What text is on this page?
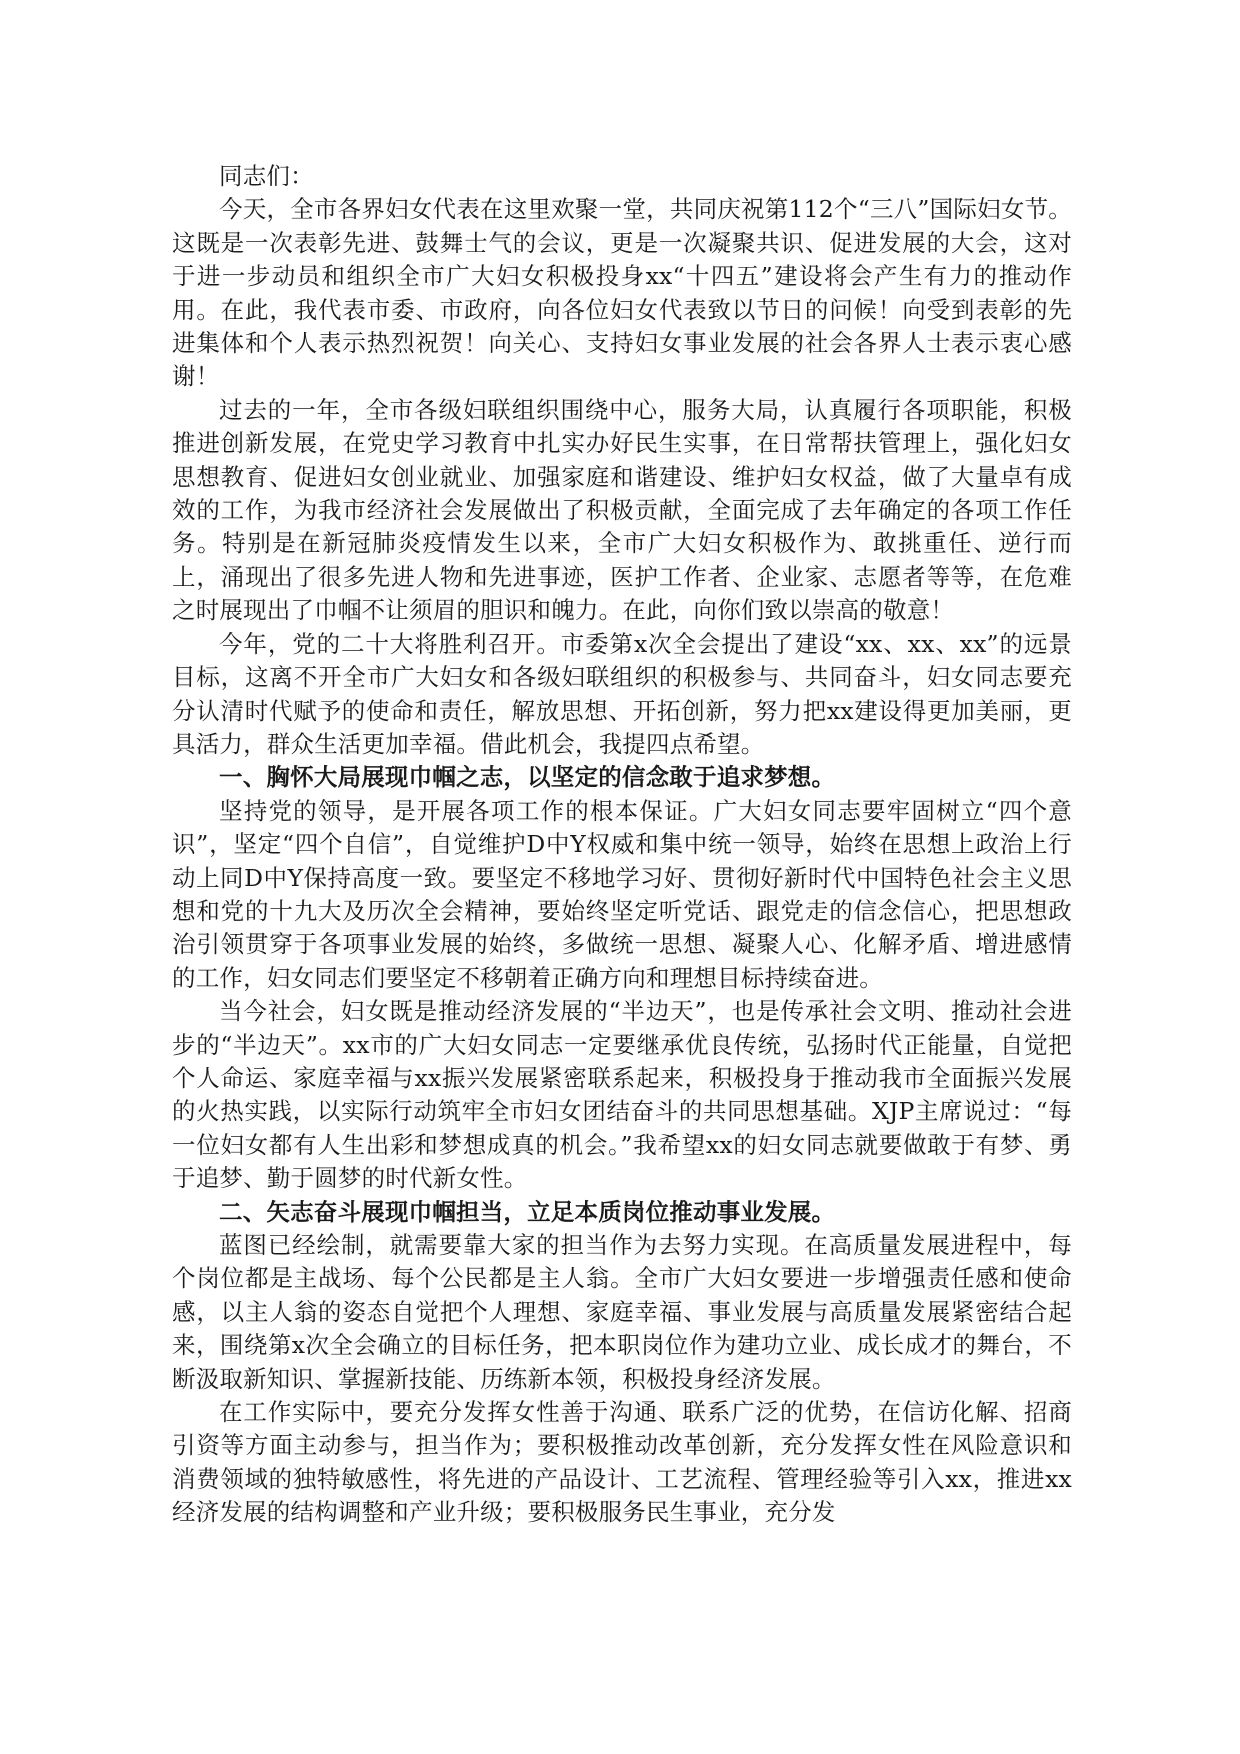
同志们：

今天，全市各界妇女代表在这里欢聚一堂，共同庆祝第112个“三八”国际妇女节。这既是一次表彰先进、鼓舞士气的会议，更是一次凝聚共识、促进发展的大会，这对于进一步动员和组织全市广大妇女积极投身xx“十四五”建设将会产生有力的推动作用。在此，我代表市委、市政府，向各位妇女代表致以节日的问候！向受到表彰的先进集体和个人表示热烈祝贺！向关心、支持妇女事业发展的社会各界人士表示衷心感谢！

过去的一年，全市各级妇联组织围绕中心，服务大局，认真履行各项职能，积极推进创新发展，在党史学习教育中扎实办好民生实事，在日常帮扶管理上，强化妇女思想教育、促进妇女创业就业、加强家庭和谐建设、维护妇女权益，做了大量卓有成效的工作，为我市经济社会发展做出了积极贡献，全面完成了去年确定的各项工作任务。特别是在新冠肺炎疫情发生以来，全市广大妇女积极作为、敢挑重任、逆行而上，涌现出了很多先进人物和先进事迹，医护工作者、企业家、志愿者等等，在危难之时展现出了巾帼不让须眉的胆识和魄力。在此，向你们致以崇高的敬意！

今年，党的二十大将胜利召开。市委第x次全会提出了建设“xx、xx、xx”的远景目标，这离不开全市广大妇女和各级妇联组织的积极参与、共同奋斗，妇女同志要充分认清时代赋予的使命和责任，解放思想、开拓创新，努力把xx建设得更加美丽，更具活力，群众生活更加幸福。借此机会，我提四点希望。

一、胸怀大局展现巾帼之志，以坚定的信念敢于追求梦想。

坚持党的领导，是开展各项工作的根本保证。广大妇女同志要牢固树立“四个意识”，坚定“四个自信”，自觉维护D中Y权威和集中统一领导，始终在思想上政治上行动上同D中Y保持高度一致。要坚定不移地学习好、贯彻好新时代中国特色社会主义思想和党的十九大及历次全会精神，要始终坚定听党话、跟党走的信念信心，把思想政治引领贯穿于各项事业发展的始终，多做统一思想、凝聚人心、化解矛盾、增进感情的工作，妇女同志们要坚定不移朝着正确方向和理想目标持续奋进。

当今社会，妇女既是推动经济发展的“半边天”，也是传承社会文明、推动社会进步的“半边天”。xx市的广大妇女同志一定要继承优良传统，弘扬时代正能量，自觉把个人命运、家庭幸福与xx振兴发展紧密联系起来，积极投身于推动我市全面振兴发展的火热实践，以实际行动筑牢全市妇女团结奋斗的共同思想基础。XJP主席说过：“每一位妇女都有人生出彩和梦想成真的机会。”我希望xx的妇女同志就要做敢于有梦、勇于追梦、勤于圆梦的时代新女性。

二、矢志奋斗展现巾帼担当，立足本质岗位推动事业发展。

蓝图已经绘制，就需要靠大家的担当作为去努力实现。在高质量发展进程中，每个岗位都是主战场、每个公民都是主人翁。全市广大妇女要进一步增强责任感和使命感，以主人翁的姿态自觉把个人理想、家庭幸福、事业发展与高质量发展紧密结合起来，围绕第x次全会确立的目标任务，把本职岗位作为建功立业、成长成才的舞台，不断汲取新知识、掌握新技能、历练新本领，积极投身经济发展。

在工作实际中，要充分发挥女性善于沟通、联系广泛的优势，在信访化解、招商引资等方面主动参与，担当作为；要积极推动改革创新，充分发挥女性在风险意识和消费领域的独特敏感性，将先进的产品设计、工艺流程、管理经验等引入xx，推进xx经济发展的结构调整和产业升级；要积极服务民生事业，充分发
